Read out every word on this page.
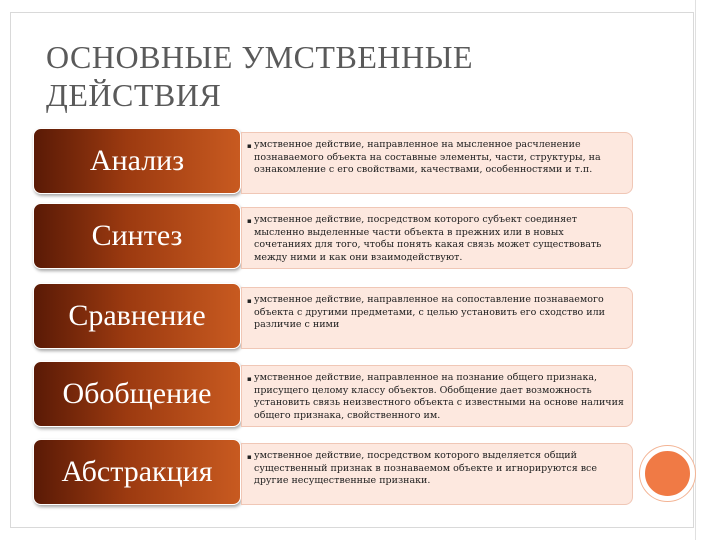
ОСНОВНЫЕ УМСТВЕННЫЕ
ДЕЙСТВИЯ
Анализ	▪ умственное действие, направленное на мысленное расчленение познаваемого объекта на составные элементы, части, структуры, на ознакомление с его свойствами, качествами, особенностями и т.п.
Синтез	▪ умственное действие, посредством которого субъект соединяет мысленно выделенные части объекта в прежних или в новых сочетаниях для того, чтобы понять какая связь может существовать между ними и как они взаимодействуют.
Сравнение	▪ умственное действие, направленное на сопоставление познаваемого объекта с другими предметами, с целью установить его сходство или различие с ними
Обобщение	▪ умственное действие, направленное на познание общего признака, присущего целому классу объектов. Обобщение дает возможность установить связь неизвестного объекта с известными на основе наличия общего признака, свойственного им.
Абстракция	▪ умственное действие, посредством которого выделяется общий существенный признак в познаваемом объекте и игнорируются все другие несущественные признаки.
